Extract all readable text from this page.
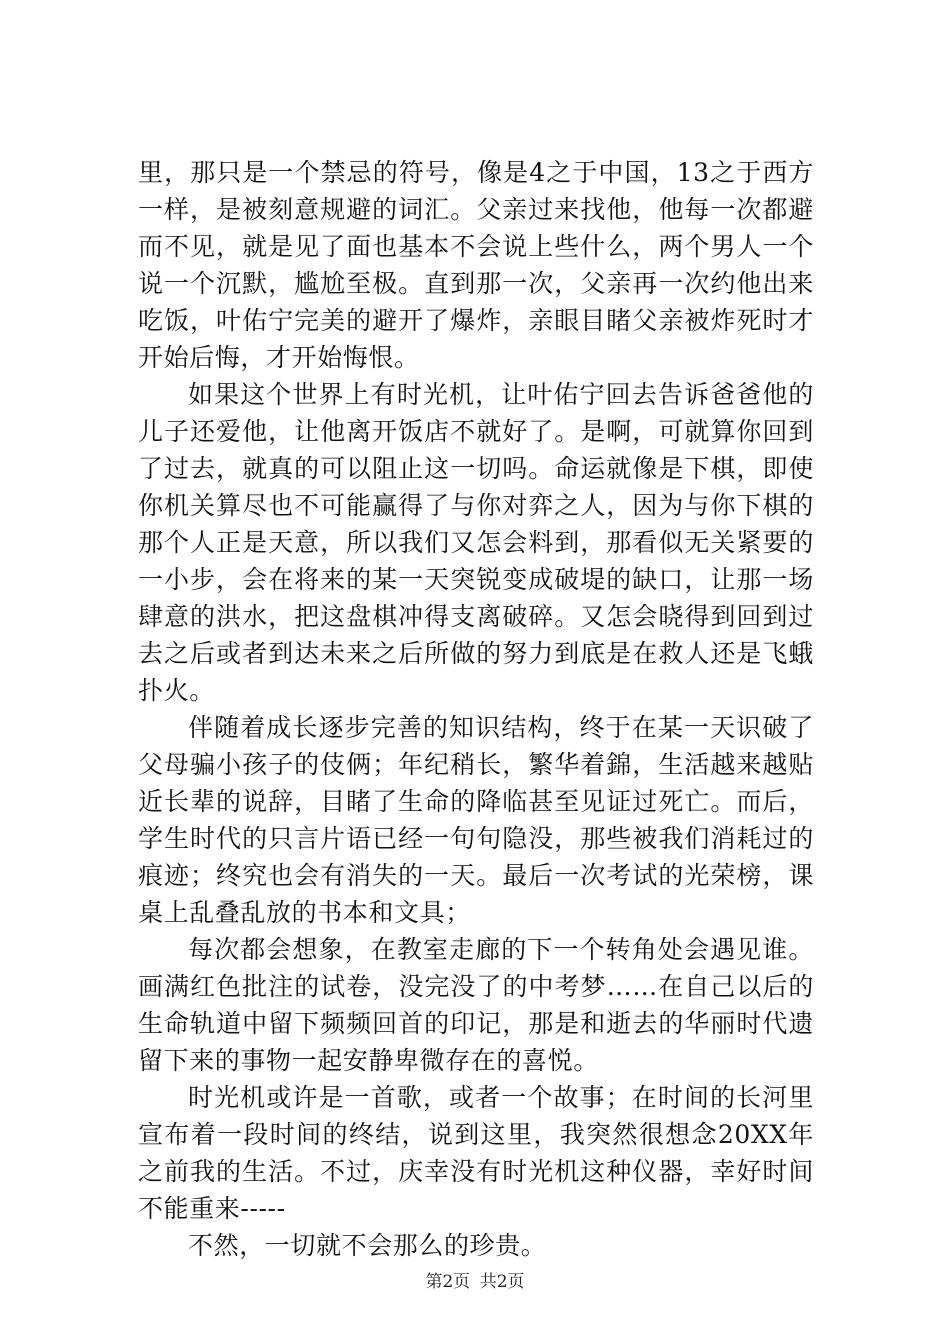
里，那只是一个禁忌的符号，像是4之于中国，13之于西方一样，是被刻意规避的词汇。父亲过来找他，他每一次都避而不见，就是见了面也基本不会说上些什么，两个男人一个说一个沉默，尴尬至极。直到那一次，父亲再一次约他出来吃饭，叶佑宁完美的避开了爆炸，亲眼目睹父亲被炸死时才开始后悔，才开始悔恨。

如果这个世界上有时光机，让叶佑宁回去告诉爸爸他的儿子还爱他，让他离开饭店不就好了。是啊，可就算你回到了过去，就真的可以阻止这一切吗。命运就像是下棋，即使你机关算尽也不可能赢得了与你对弈之人，因为与你下棋的那个人正是天意，所以我们又怎会料到，那看似无关紧要的一小步，会在将来的某一天突锐变成破堤的缺口，让那一场肆意的洪水，把这盘棋冲得支离破碎。又怎会晓得到回到过去之后或者到达未来之后所做的努力到底是在救人还是飞蛾扑火。

伴随着成长逐步完善的知识结构，终于在某一天识破了父母骗小孩子的伎俩；年纪稍长，繁华着錦，生活越来越贴近长辈的说辞，目睹了生命的降临甚至见证过死亡。而后，学生时代的只言片语已经一句句隐没，那些被我们消耗过的痕迹；终究也会有消失的一天。最后一次考试的光荣榜，课桌上乱叠乱放的书本和文具；

每次都会想象，在教室走廊的下一个转角处会遇见谁。画满红色批注的试卷，没完没了的中考梦……在自己以后的生命轨道中留下频频回首的印记，那是和逝去的华丽时代遗留下来的事物一起安静卑微存在的喜悦。

时光机或许是一首歌，或者一个故事；在时间的长河里宣布着一段时间的终结，说到这里，我突然很想念20XX年之前我的生活。不过，庆幸没有时光机这种仪器，幸好时间不能重来-----

不然，一切就不会那么的珍贵。

第2页 共2页
